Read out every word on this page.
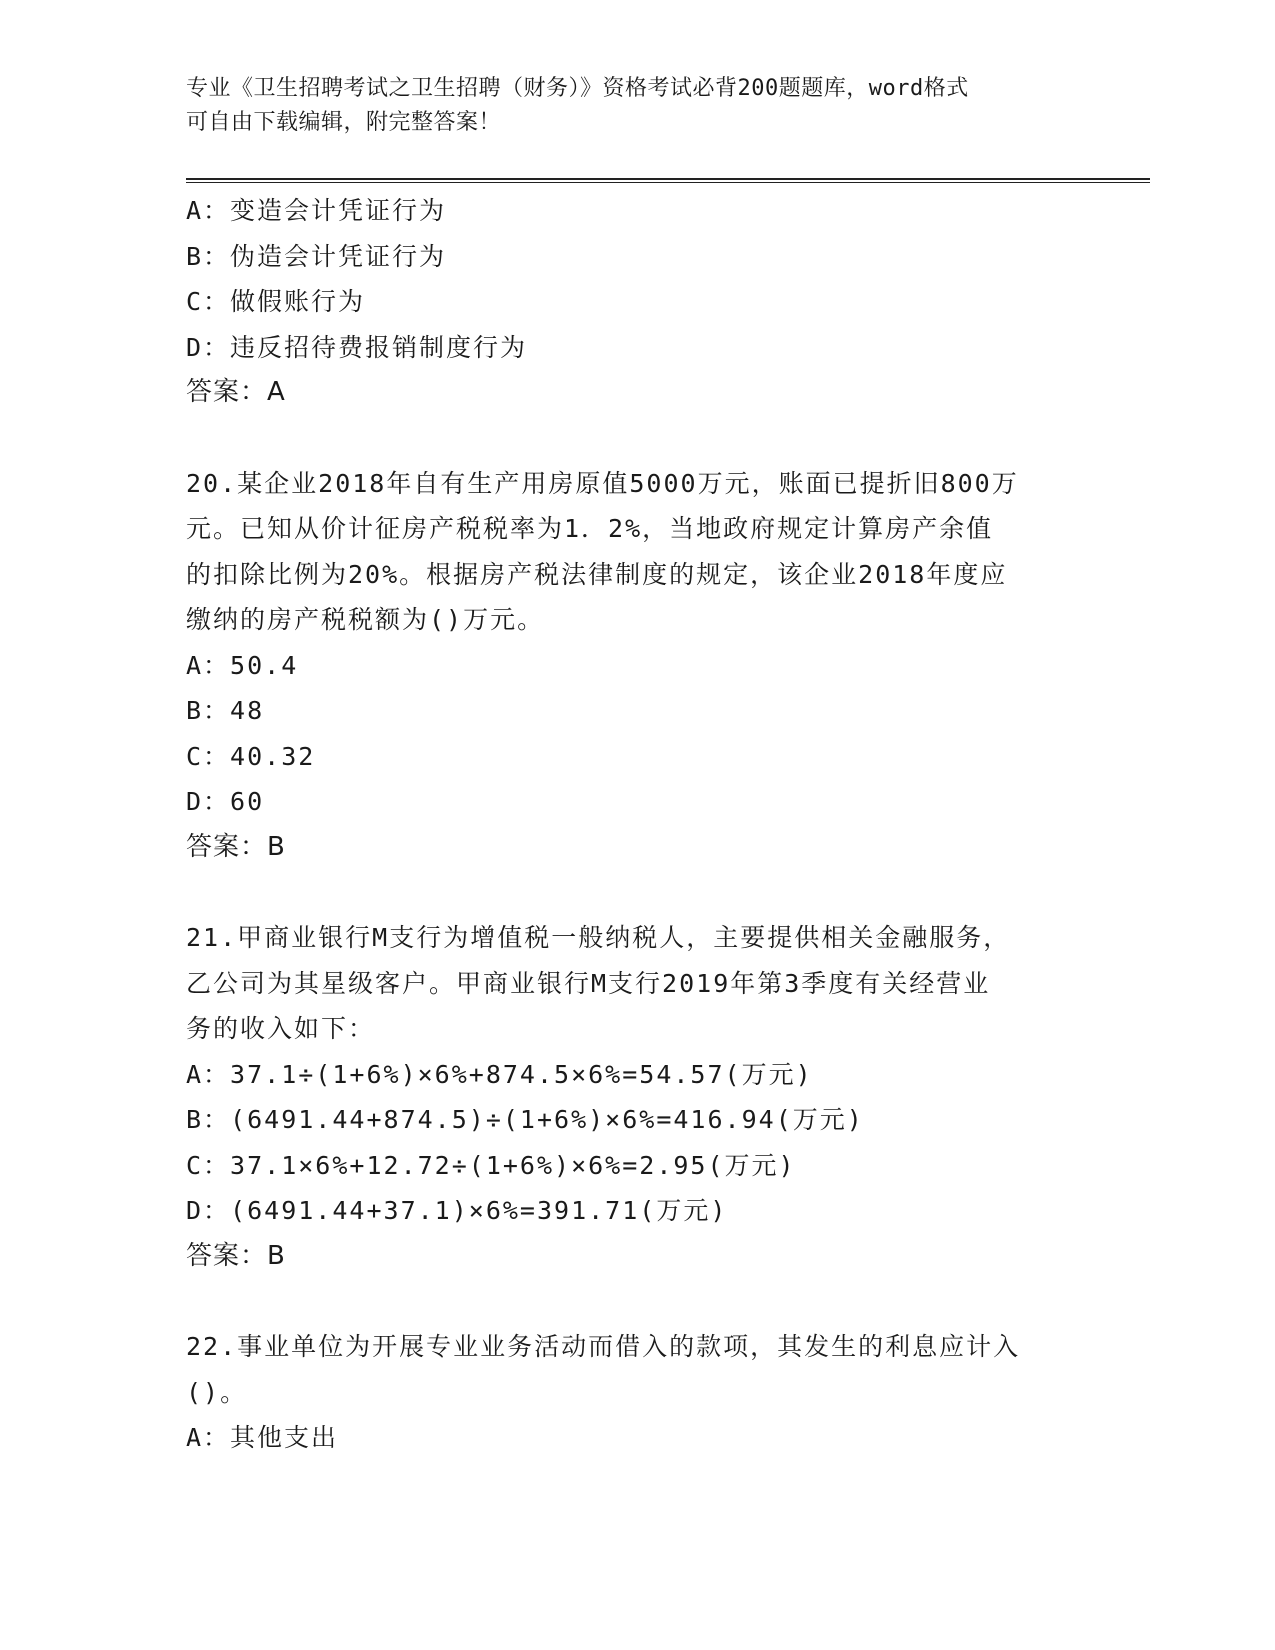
专业《卫生招聘考试之卫生招聘（财务）》资格考试必背200题题库，word格式
可自由下载编辑，附完整答案！
A：变造会计凭证行为
B：伪造会计凭证行为
C：做假账行为
D：违反招待费报销制度行为
答案：A
20.某企业2018年自有生产用房原值5000万元，账面已提折旧800万
元。已知从价计征房产税税率为1．2%，当地政府规定计算房产余值
的扣除比例为20%。根据房产税法律制度的规定，该企业2018年度应
缴纳的房产税税额为()万元。
A：50.4
B：48
C：40.32
D：60
答案：B
21.甲商业银行M支行为增值税一般纳税人，主要提供相关金融服务，
乙公司为其星级客户。甲商业银行M支行2019年第3季度有关经营业
务的收入如下：
A：37.1÷(1+6%)×6%+874.5×6%=54.57(万元)
B：(6491.44+874.5)÷(1+6%)×6%=416.94(万元)
C：37.1×6%+12.72÷(1+6%)×6%=2.95(万元)
D：(6491.44+37.1)×6%=391.71(万元)
答案：B
22.事业单位为开展专业业务活动而借入的款项，其发生的利息应计入
()。
A：其他支出
